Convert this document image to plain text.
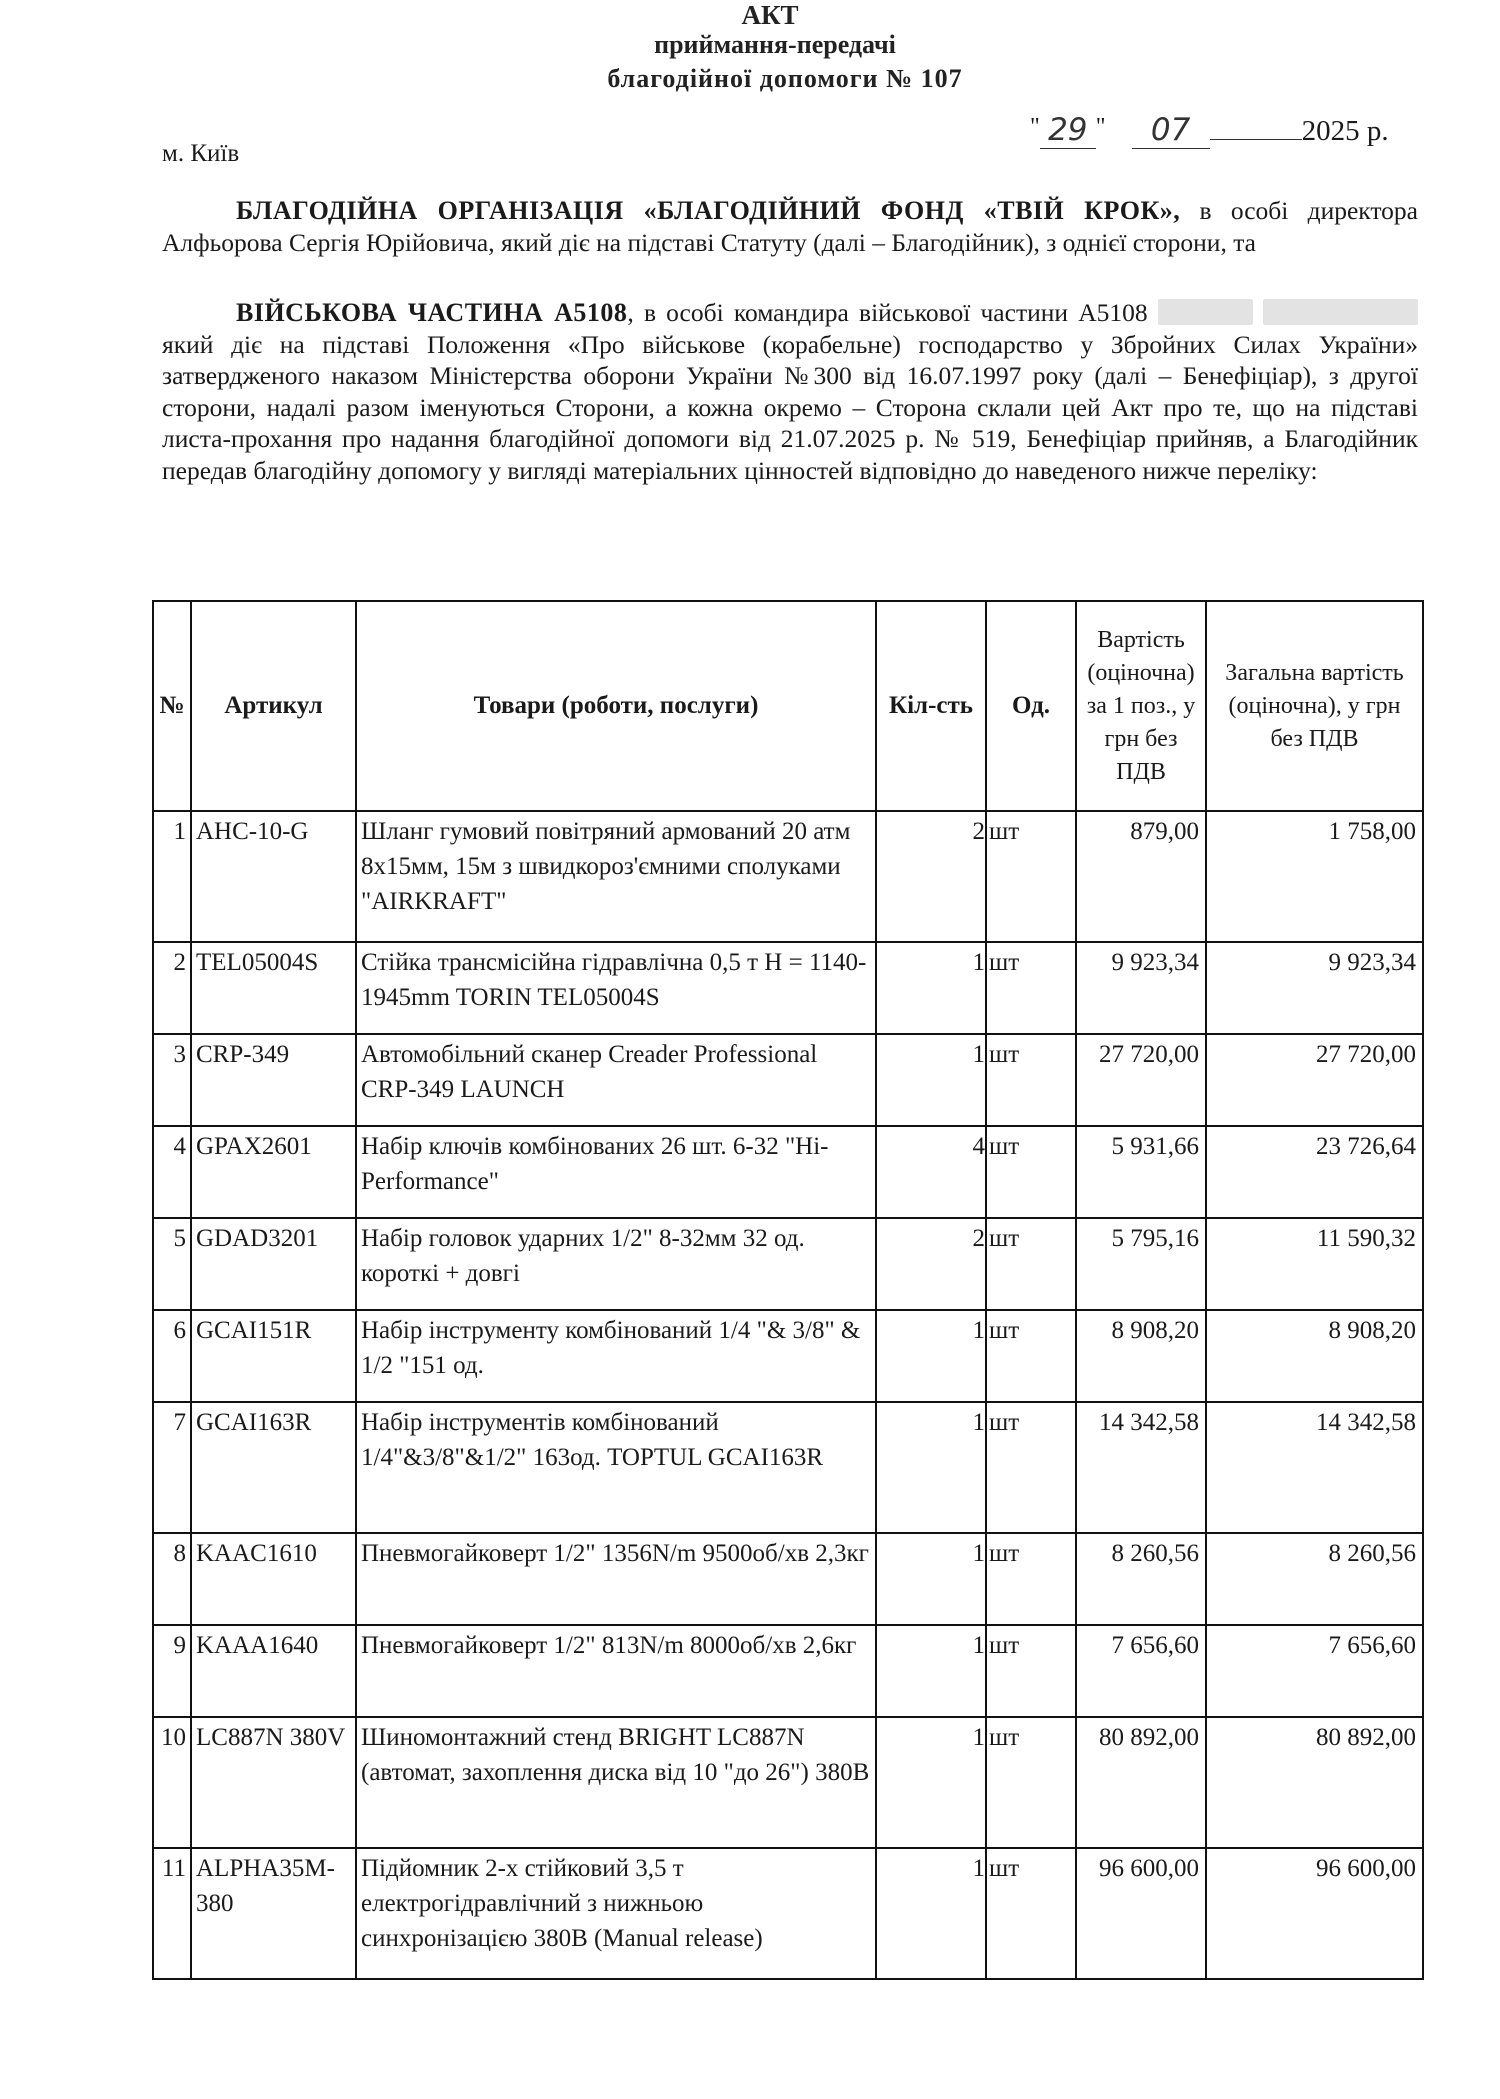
АКТ
приймання-передачі
благодійної допомоги № 107
м. Київ
" 29 " 07	2025 р.
БЛАГОДІЙНА ОРГАНІЗАЦІЯ «БЛАГОДІЙНИЙ ФОНД «ТВІЙ КРОК», в особі директора Алфьорова Сергія Юрійовича, який діє на підставі Статуту (далі – Благодійник), з однієї сторони, та
ВІЙСЬКОВА ЧАСТИНА А5108, в особі командира військової частини А5108   який діє на підставі Положення «Про військове (корабельне) господарство у Збройних Силах України» затвердженого наказом Міністерства оборони України №300 від 16.07.1997 року (далі – Бенефіціар), з другої сторони, надалі разом іменуються Сторони, а кожна окремо – Сторона склали цей Акт про те, що на підставі листа-прохання про надання благодійної допомоги від 21.07.2025 р. № 519, Бенефіціар прийняв, а Благодійник передав благодійну допомогу у вигляді матеріальних цінностей відповідно до наведеного нижче переліку:
№	Артикул	Товари (роботи, послуги)	Кіл-сть	Од.	Вартість (оціночна) за 1 поз., у грн без ПДВ	Загальна вартість (оціночна), у грн без ПДВ
1	AHC-10-G	Шланг гумовий повітряний армований 20 атм 8х15мм, 15м з швидкороз'ємними сполуками "AIRKRAFT"	2	шт	879,00	1 758,00
2	TEL05004S	Стійка трансмісійна гідравлічна 0,5 т H = 1140-1945mm TORIN TEL05004S	1	шт	9 923,34	9 923,34
3	CRP-349	Автомобільний сканер Creader Professional CRP-349 LAUNCH	1	шт	27 720,00	27 720,00
4	GPAX2601	Набір ключів комбінованих 26 шт. 6-32 "Hi-Performance"	4	шт	5 931,66	23 726,64
5	GDAD3201	Набір головок ударних 1/2" 8-32мм 32 од. короткі + довгі	2	шт	5 795,16	11 590,32
6	GCAI151R	Набір інструменту комбінований 1/4 "& 3/8" & 1/2 "151 од.	1	шт	8 908,20	8 908,20
7	GCAI163R	Набір інструментів комбінований 1/4"&3/8"&1/2" 163од. TOPTUL GCAI163R	1	шт	14 342,58	14 342,58
8	KAAC1610	Пневмогайковерт 1/2" 1356N/m 9500об/хв 2,3кг	1	шт	8 260,56	8 260,56
9	KAAA1640	Пневмогайковерт 1/2" 813N/m 8000об/хв 2,6кг	1	шт	7 656,60	7 656,60
10	LC887N 380V	Шиномонтажний стенд BRIGHT LC887N (автомат, захоплення диска від 10 "до 26") 380В	1	шт	80 892,00	80 892,00
11	ALPHA35M-380	Підйомник 2-х стійковий 3,5 т електрогідравлічний з нижньою синхронізацією 380В (Manual release)	1	шт	96 600,00	96 600,00
